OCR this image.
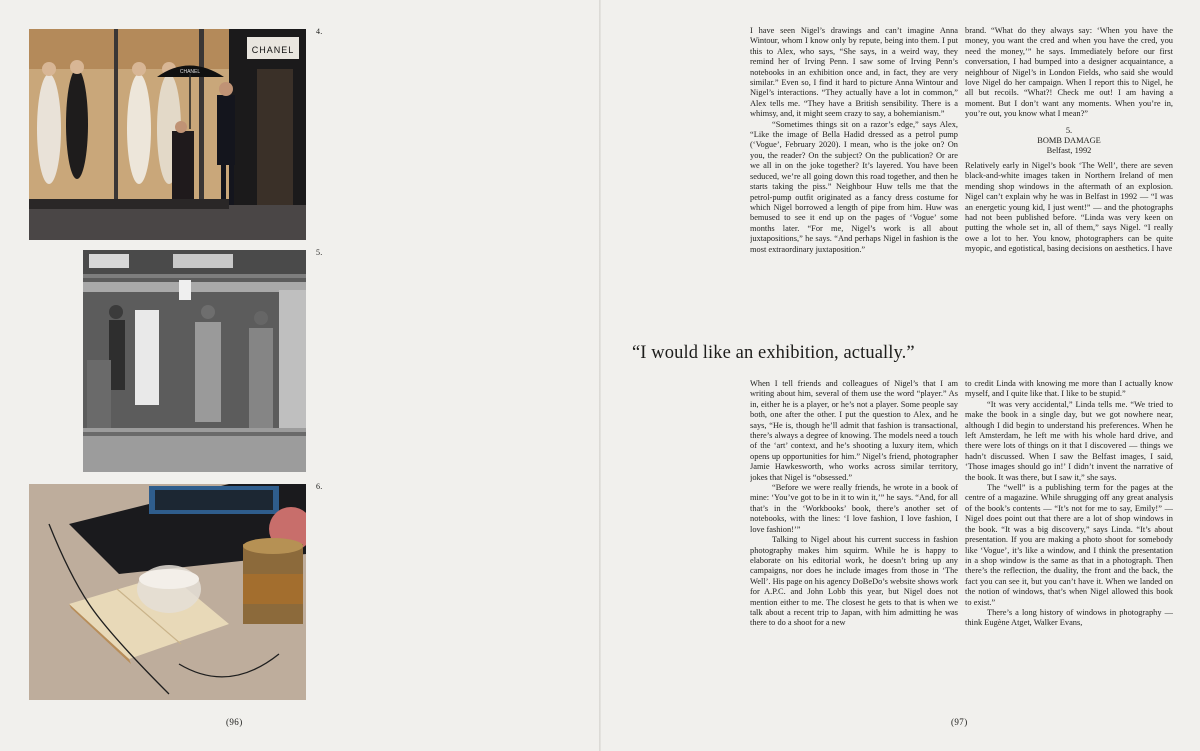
CHANEL
CHANEL
4.
5.
6.
(96)	(97)

I have seen Nigel’s drawings and can’t imagine Anna Wintour, whom I know only by repute, being into them. I put this to Alex, who says, “She says, in a weird way, they remind her of Irving Penn. I saw some of Irving Penn’s notebooks in an exhibition once and, in fact, they are very similar.” Even so, I find it hard to picture Anna Wintour and Nigel’s interactions. “They actually have a lot in common,” Alex tells me. “They have a British sensibility. There is a whimsy, and, it might seem crazy to say, a bohemianism.”

“Sometimes things sit on a razor’s edge,” says Alex, “Like the image of Bella Hadid dressed as a petrol pump (‘Vogue’, February 2020). I mean, who is the joke on? On you, the reader? On the subject? On the publication? Or are we all in on the joke together? It’s layered. You have been seduced, we’re all going down this road together, and then he starts taking the piss.” Neighbour Huw tells me that the petrol-pump outfit originated as a fancy dress costume for which Nigel borrowed a length of pipe from him. Huw was bemused to see it end up on the pages of ‘Vogue’ some months later. “For me, Nigel’s work is all about juxtapositions,” he says. “And perhaps Nigel in fashion is the most extraordinary juxtaposition.”

brand. “What do they always say: ‘When you have the money, you want the cred and when you have the cred, you need the money,’” he says. Immediately before our first conversation, I had bumped into a designer acquaintance, a neighbour of Nigel’s in London Fields, who said she would love Nigel do her campaign. When I report this to Nigel, he all but recoils. “What?! Check me out! I am having a moment. But I don’t want any moments. When you’re in, you’re out, you know what I mean?”

5.
BOMB DAMAGE
Belfast, 1992

Relatively early in Nigel’s book ‘The Well’, there are seven black-and-white images taken in Northern Ireland of men mending shop windows in the aftermath of an explosion. Nigel can’t explain why he was in Belfast in 1992 — “I was an energetic young kid, I just went!” — and the photographs had not been published before. “Linda was very keen on putting the whole set in, all of them,” says Nigel. “I really owe a lot to her. You know, photographers can be quite myopic, and egotistical, basing decisions on aesthetics. I have

“I would like an exhibition, actually.”

When I tell friends and colleagues of Nigel’s that I am writing about him, several of them use the word “player.” As in, either he is a player, or he’s not a player. Some people say both, one after the other. I put the question to Alex, and he says, “He is, though he’ll admit that fashion is transactional, there’s always a degree of knowing. The models need a touch of the ‘art’ context, and he’s shooting a luxury item, which opens up opportunities for him.” Nigel’s friend, photographer Jamie Hawkesworth, who works across similar territory, jokes that Nigel is “obsessed.”

“Before we were really friends, he wrote in a book of mine: ‘You’ve got to be in it to win it,’” he says. “And, for all that’s in the ‘Workbooks’ book, there’s another set of notebooks, with the lines: ‘I love fashion, I love fashion, I love fashion!’”

Talking to Nigel about his current success in fashion photography makes him squirm. While he is happy to elaborate on his editorial work, he doesn’t bring up any campaigns, nor does he include images from those in ‘The Well’. His page on his agency DoBeDo’s website shows work for A.P.C. and John Lobb this year, but Nigel does not mention either to me. The closest he gets to that is when we talk about a recent trip to Japan, with him admitting he was there to do a shoot for a new

to credit Linda with knowing me more than I actually know myself, and I quite like that. I like to be stupid.”

“It was very accidental,” Linda tells me. “We tried to make the book in a single day, but we got nowhere near, although I did begin to understand his preferences. When he left Amsterdam, he left me with his whole hard drive, and there were lots of things on it that I discovered — things we hadn’t discussed. When I saw the Belfast images, I said, ‘Those images should go in!’ I didn’t invent the narrative of the book. It was there, but I saw it,” she says.

The “well” is a publishing term for the pages at the centre of a magazine. While shrugging off any great analysis of the book’s contents — “It’s not for me to say, Emily!” — Nigel does point out that there are a lot of shop windows in the book. “It was a big discovery,” says Linda. “It’s about presentation. If you are making a photo shoot for somebody like ‘Vogue’, it’s like a window, and I think the presentation in a shop window is the same as that in a photograph. Then there’s the reflection, the duality, the front and the back, the fact you can see it, but you can’t have it. When we landed on the notion of windows, that’s when Nigel allowed this book to exist.”

There’s a long history of windows in photography — think Eugène Atget, Walker Evans,
